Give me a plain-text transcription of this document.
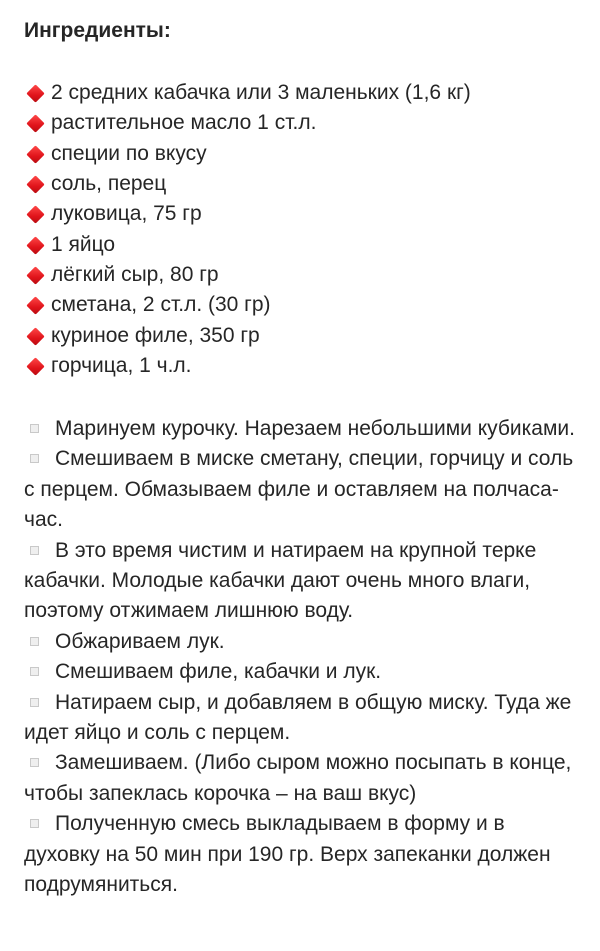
Ингредиенты:
2 средних кабачка или 3 маленьких (1,6 кг)
растительное масло 1 ст.л.
специи по вкусу
соль, перец
луковица, 75 гр
1 яйцо
лёгкий сыр, 80 гр
сметана, 2 ст.л. (30 гр)
куриное филе, 350 гр
горчица, 1 ч.л.
Маринуем курочку. Нарезаем небольшими кубиками.
Смешиваем в миске сметану, специи, горчицу и соль с перцем. Обмазываем филе и оставляем на полчаса-час.
В это время чистим и натираем на крупной терке кабачки. Молодые кабачки дают очень много влаги, поэтому отжимаем лишнюю воду.
Обжариваем лук.
Смешиваем филе, кабачки и лук.
Натираем сыр, и добавляем в общую миску. Туда же идет яйцо и соль с перцем.
Замешиваем. (Либо сыром можно посыпать в конце, чтобы запеклась корочка – на ваш вкус)
Полученную смесь выкладываем в форму и в духовку на 50 мин при 190 гр. Верх запеканки должен подрумяниться.
